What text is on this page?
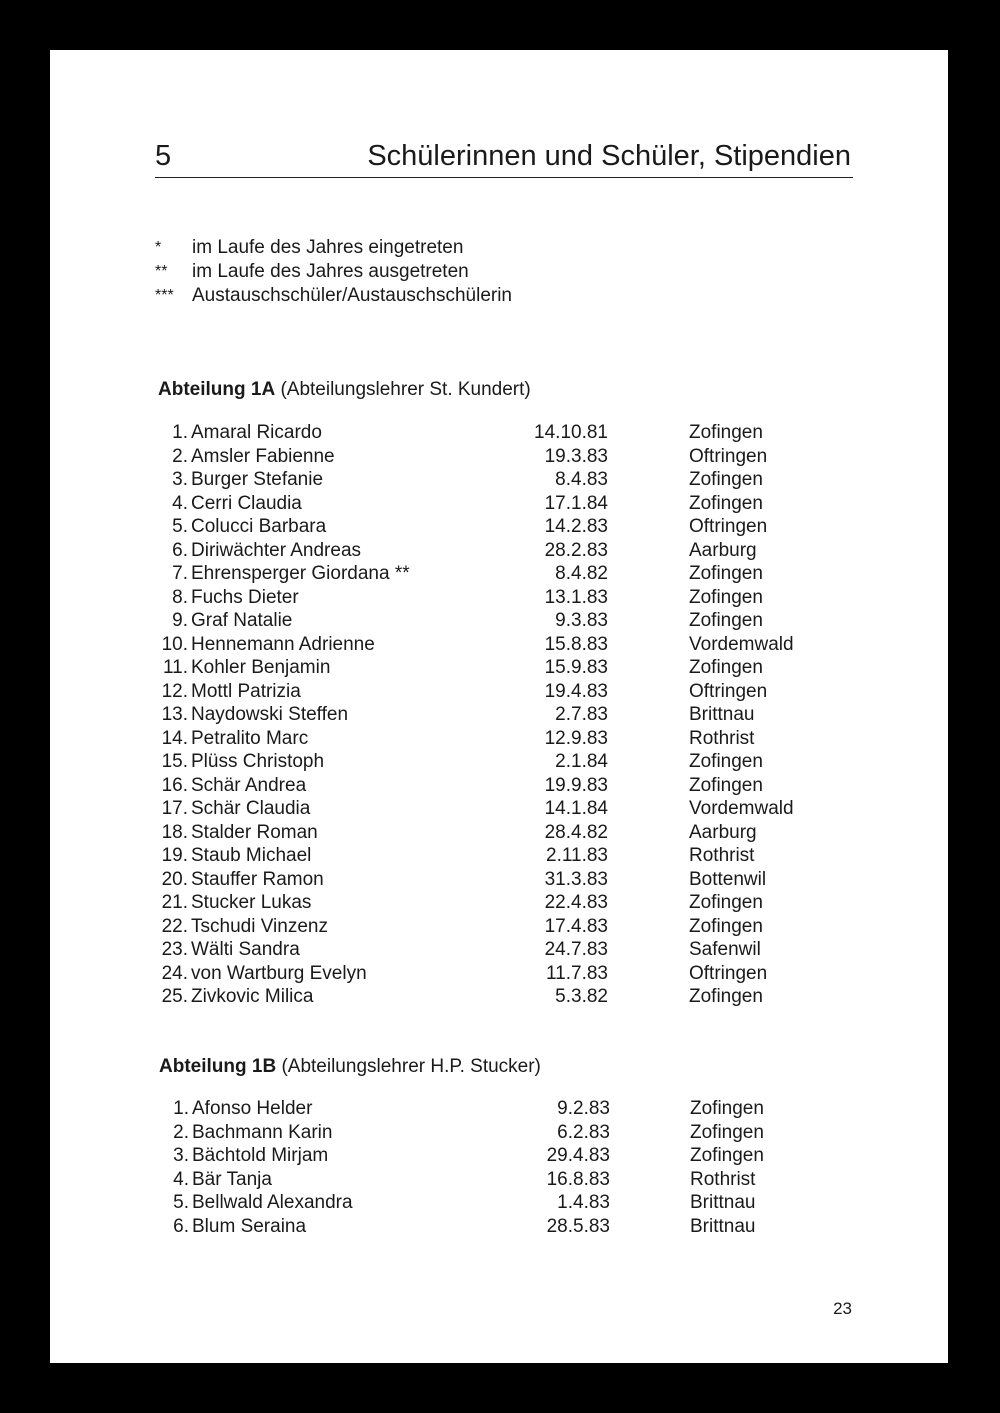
5	Schülerinnen und Schüler, Stipendien
*	im Laufe des Jahres eingetreten
**	im Laufe des Jahres ausgetreten
*** Austauschschüler/Austauschschülerin
Abteilung 1A (Abteilungslehrer St. Kundert)
1. Amaral Ricardo	14.10.81	Zofingen
2. Amsler Fabienne	19.3.83	Oftringen
3. Burger Stefanie	8.4.83	Zofingen
4. Cerri Claudia	17.1.84	Zofingen
5. Colucci Barbara	14.2.83	Oftringen
6. Diriwächter Andreas	28.2.83	Aarburg
7. Ehrensperger Giordana **	8.4.82	Zofingen
8. Fuchs Dieter	13.1.83	Zofingen
9. Graf Natalie	9.3.83	Zofingen
10. Hennemann Adrienne	15.8.83	Vordemwald
11. Kohler Benjamin	15.9.83	Zofingen
12. Mottl Patrizia	19.4.83	Oftringen
13. Naydowski Steffen	2.7.83	Brittnau
14. Petralito Marc	12.9.83	Rothrist
15. Plüss Christoph	2.1.84	Zofingen
16. Schär Andrea	19.9.83	Zofingen
17. Schär Claudia	14.1.84	Vordemwald
18. Stalder Roman	28.4.82	Aarburg
19. Staub Michael	2.11.83	Rothrist
20. Stauffer Ramon	31.3.83	Bottenwil
21. Stucker Lukas	22.4.83	Zofingen
22. Tschudi Vinzenz	17.4.83	Zofingen
23. Wälti Sandra	24.7.83	Safenwil
24. von Wartburg Evelyn	11.7.83	Oftringen
25. Zivkovic Milica	5.3.82	Zofingen
Abteilung 1B (Abteilungslehrer H.P. Stucker)
1. Afonso Helder	9.2.83	Zofingen
2. Bachmann Karin	6.2.83	Zofingen
3. Bächtold Mirjam	29.4.83	Zofingen
4. Bär Tanja	16.8.83	Rothrist
5. Bellwald Alexandra	1.4.83	Brittnau
6. Blum Seraina	28.5.83	Brittnau
23
